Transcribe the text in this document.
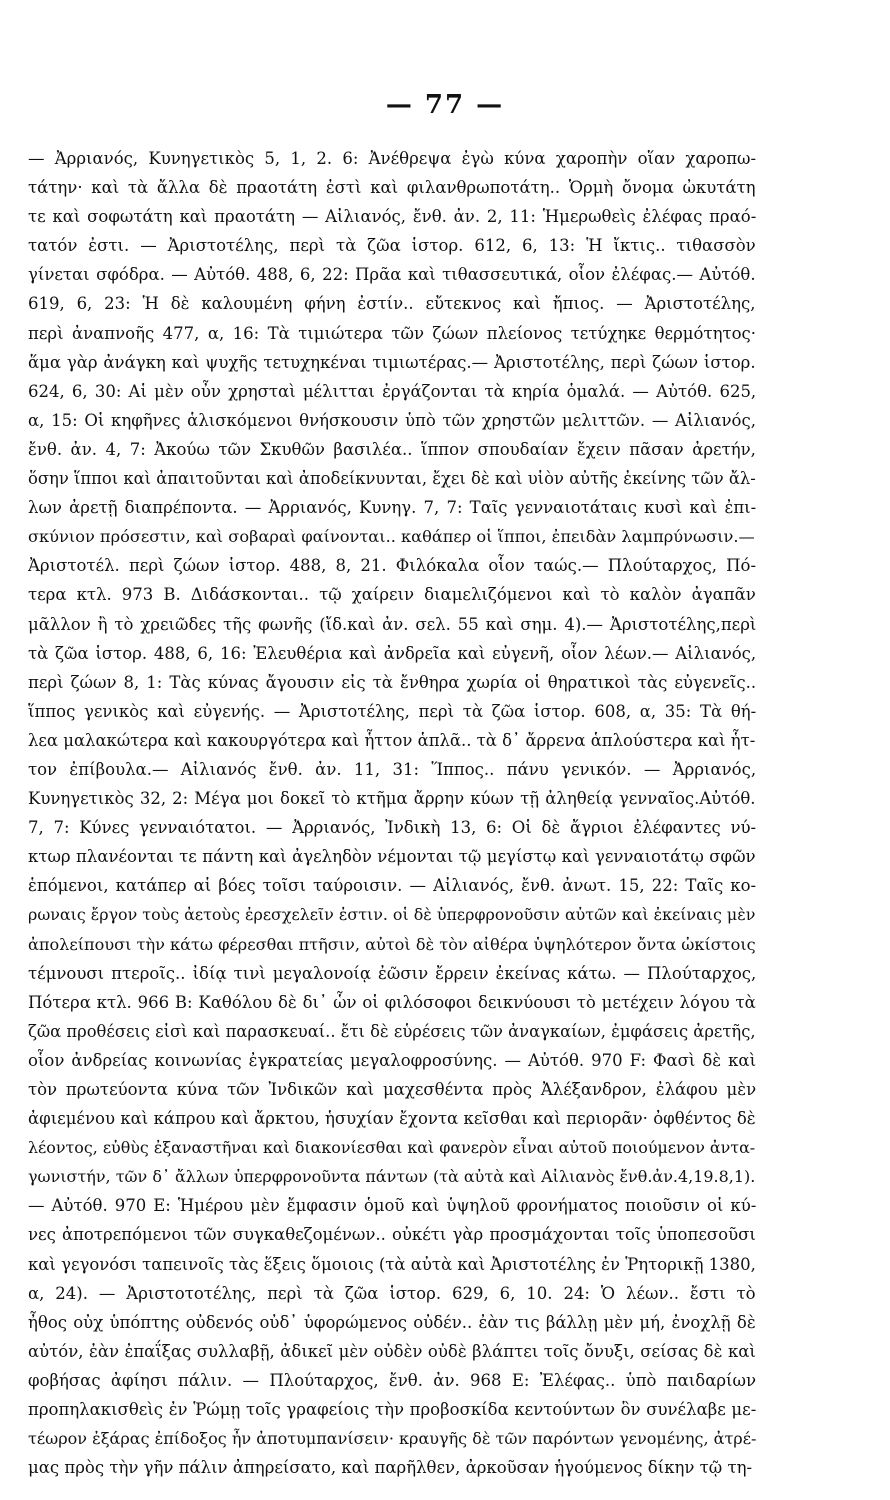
— 77 —
— Ἀρριανός, Κυνηγετικὸς 5, 1, 2. 6: Ἀνέθρεψα ἐγὼ κύνα χαροπὴν οἵαν χαροπω-
τάτην· καὶ τὰ ἄλλα δὲ πραοτάτη ἐστὶ καὶ φιλανθρωποτάτη.. Ὁρμὴ ὄνομα ὠκυτάτη
τε καὶ σοφωτάτη καὶ πραοτάτη — Αἰλιανός, ἔνθ. ἀν. 2, 11: Ἡμερωθεὶς ἐλέφας πραό-
τατόν ἐστι. — Ἀριστοτέλης, περὶ τὰ ζῶα ἱστορ. 612, 6, 13: Ἡ ἴκτις.. τιθασσὸν
γίνεται σφόδρα. — Αὐτόθ. 488, 6, 22: Πρᾶα καὶ τιθασσευτικά, οἷον ἐλέφας.— Αὐτόθ.
619, 6, 23: Ἡ δὲ καλουμένη φήνη ἐστίν.. εὔτεκνος καὶ ἤπιος. — Ἀριστοτέλης,
περὶ ἀναπνοῆς 477, α, 16: Τὰ τιμιώτερα τῶν ζώων πλείονος τετύχηκε θερμότητος·
ἅμα γὰρ ἀνάγκη καὶ ψυχῆς τετυχηκέναι τιμιωτέρας.— Ἀριστοτέλης, περὶ ζώων ἱστορ.
624, 6, 30: Αἱ μὲν οὖν χρησταὶ μέλιτται ἐργάζονται τὰ κηρία ὁμαλά. — Αὐτόθ. 625,
α, 15: Οἱ κηφῆνες ἁλισκόμενοι θνήσκουσιν ὑπὸ τῶν χρηστῶν μελιττῶν. — Αἰλιανός,
ἔνθ. ἀν. 4, 7: Ἀκούω τῶν Σκυθῶν βασιλέα.. ἵππον σπουδαίαν ἔχειν πᾶσαν ἀρετήν,
ὅσην ἵπποι καὶ ἀπαιτοῦνται καὶ ἀποδείκνυνται, ἔχει δὲ καὶ υἱὸν αὐτῆς ἐκείνης τῶν ἄλ-
λων ἀρετῇ διαπρέποντα. — Ἀρριανός, Κυνηγ. 7, 7: Ταῖς γενναιοτάταις κυσὶ καὶ ἐπι-
σκύνιον πρόσεστιν, καὶ σοβαραὶ φαίνονται.. καθάπερ οἱ ἵπποι, ἐπειδὰν λαμπρύνωσιν.—
Ἀριστοτέλ. περὶ ζώων ἱστορ. 488, 8, 21. Φιλόκαλα οἷον ταώς.— Πλούταρχος, Πό-
τερα κτλ. 973 Β. Διδάσκονται.. τῷ χαίρειν διαμελιζόμενοι καὶ τὸ καλὸν ἀγαπᾶν
μᾶλλον ἢ τὸ χρειῶδες τῆς φωνῆς (ἴδ.καὶ ἀν. σελ. 55 καὶ σημ. 4).— Ἀριστοτέλης,περὶ
τὰ ζῶα ἱστορ. 488, 6, 16: Ἐλευθέρια καὶ ἀνδρεῖα καὶ εὐγενῆ, οἷον λέων.— Αἰλιανός,
περὶ ζώων 8, 1: Τὰς κύνας ἄγουσιν εἰς τὰ ἔνθηρα χωρία οἱ θηρατικοὶ τὰς εὐγενεῖς..
ἵππος γενικὸς καὶ εὐγενής. — Ἀριστοτέλης, περὶ τὰ ζῶα ἱστορ. 608, α, 35: Τὰ θή-
λεα μαλακώτερα καὶ κακουργότερα καὶ ἧττον ἁπλᾶ.. τὰ δ᾽ ἄρρενα ἁπλούστερα καὶ ἧτ-
τον ἐπίβουλα.— Αἰλιανός ἔνθ. ἀν. 11, 31: Ἵππος.. πάνυ γενικόν. — Ἀρριανός,
Κυνηγετικὸς 32, 2: Μέγα μοι δοκεῖ τὸ κτῆμα ἄρρην κύων τῇ ἀληθείᾳ γενναῖος.Αὐτόθ.
7, 7: Κύνες γενναιότατοι. — Ἀρριανός, Ἰνδικὴ 13, 6: Οἱ δὲ ἄγριοι ἐλέφαντες νύ-
κτωρ πλανέονται τε πάντη καὶ ἀγεληδὸν νέμονται τῷ μεγίστῳ καὶ γενναιοτάτῳ σφῶν
ἑπόμενοι, κατάπερ αἱ βόες τοῖσι ταύροισιν. — Αἰλιανός, ἔνθ. ἀνωτ. 15, 22: Ταῖς κο-
ρωναις ἔργον τοὺς ἀετοὺς ἐρεσχελεῖν ἐστιν. οἱ δὲ ὑπερφρονοῦσιν αὐτῶν καὶ ἐκείναις μὲν
ἀπολείπουσι τὴν κάτω φέρεσθαι πτῆσιν, αὐτοὶ δὲ τὸν αἰθέρα ὑψηλότερον ὄντα ὠκίστοις
τέμνουσι πτεροῖς.. ἰδίᾳ τινὶ μεγαλονοίᾳ ἐῶσιν ἔρρειν ἐκείνας κάτω. — Πλούταρχος,
Πότερα κτλ. 966 Β: Καθόλου δὲ δι᾽ ὧν οἱ φιλόσοφοι δεικνύουσι τὸ μετέχειν λόγου τὰ
ζῶα προθέσεις εἰσὶ καὶ παρασκευαί.. ἔτι δὲ εὑρέσεις τῶν ἀναγκαίων, ἐμφάσεις ἀρετῆς,
οἷον ἀνδρείας κοινωνίας ἐγκρατείας μεγαλοφροσύνης. — Αὐτόθ. 970 F: Φασὶ δὲ καὶ
τὸν πρωτεύοντα κύνα τῶν Ἰνδικῶν καὶ μαχεσθέντα πρὸς Ἀλέξανδρον, ἐλάφου μὲν
ἀφιεμένου καὶ κάπρου καὶ ἄρκτου, ἡσυχίαν ἔχοντα κεῖσθαι καὶ περιορᾶν· ὀφθέντος δὲ
λέοντος, εὐθὺς ἐξαναστῆναι καὶ διακονίεσθαι καὶ φανερὸν εἶναι αὐτοῦ ποιούμενον ἀντα-
γωνιστήν, τῶν δ᾽ ἄλλων ὑπερφρονοῦντα πάντων (τὰ αὐτὰ καὶ Αἰλιανὸς ἔνθ.ἀν.4,19.8,1).
— Αὐτόθ. 970 Ε: Ἡμέρου μὲν ἔμφασιν ὁμοῦ καὶ ὑψηλοῦ φρονήματος ποιοῦσιν οἱ κύ-
νες ἀποτρεπόμενοι τῶν συγκαθεζομένων.. οὐκέτι γὰρ προσμάχονται τοῖς ὑποπεσοῦσι
καὶ γεγονόσι ταπεινοῖς τὰς ἕξεις ὅμοιοις (τὰ αὐτὰ καὶ Ἀριστοτέλης ἐν Ῥητορικῇ 1380,
α, 24). — Ἀριστοτοτέλης, περὶ τὰ ζῶα ἱστορ. 629, 6, 10. 24: Ὁ λέων.. ἔστι τὸ
ἦθος οὐχ ὑπόπτης οὐδενός οὐδ᾽ ὑφορώμενος οὐδέν.. ἐὰν τις βάλλῃ μὲν μή, ἐνοχλῇ δὲ
αὐτόν, ἐὰν ἐπαΐξας συλλαβῇ, ἀδικεῖ μὲν οὐδὲν οὐδὲ βλάπτει τοῖς ὄνυξι, σείσας δὲ καὶ
φοβήσας ἀφίησι πάλιν. — Πλούταρχος, ἔνθ. ἀν. 968 Ε: Ἐλέφας.. ὑπὸ παιδαρίων
προπηλακισθεὶς ἐν Ῥώμῃ τοῖς γραφείοις τὴν προβοσκίδα κεντούντων ὃν συνέλαβε με-
τέωρον ἐξάρας ἐπίδοξος ἦν ἀποτυμπανίσειν· κραυγῆς δὲ τῶν παρόντων γενομένης, ἀτρέ-
μας πρὸς τὴν γῆν πάλιν ἀπηρείσατο, καὶ παρῆλθεν, ἀρκοῦσαν ἡγούμενος δίκην τῷ τη-
